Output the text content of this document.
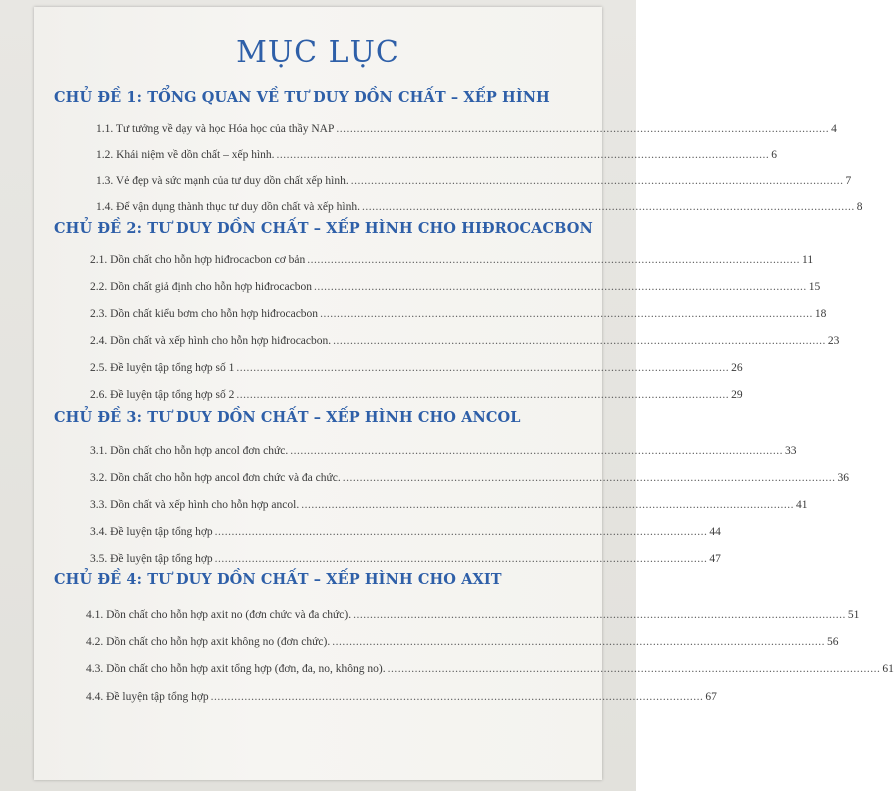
MỤC LỤC
CHỦ ĐỀ 1: TỔNG QUAN VỀ TƯ DUY DỒN CHẤT – XẾP HÌNH
1.1. Tư tưởng về dạy và học Hóa học của thầy NAP .................................................................................................................................................. 4
1.2. Khái niệm về dồn chất – xếp hình. .................................................................................................................................................. 6
1.3. Vẻ đẹp và sức mạnh của tư duy dồn chất xếp hình. .................................................................................................................................................. 7
1.4. Để vận dụng thành thục tư duy dồn chất và xếp hình. .................................................................................................................................................. 8
CHỦ ĐỀ 2: TƯ DUY DỒN CHẤT – XẾP HÌNH CHO HIĐROCACBON
2.1. Dồn chất cho hỗn hợp hiđrocacbon cơ bản .................................................................................................................................................. 11
2.2. Dồn chất giả định cho hỗn hợp hiđrocacbon .................................................................................................................................................. 15
2.3. Dồn chất kiểu bơm cho hỗn hợp hiđrocacbon .................................................................................................................................................. 18
2.4. Dồn chất và xếp hình cho hỗn hợp hiđrocacbon. .................................................................................................................................................. 23
2.5. Đề luyện tập tổng hợp số 1 .................................................................................................................................................. 26
2.6. Đề luyện tập tổng hợp số 2 .................................................................................................................................................. 29
CHỦ ĐỀ 3: TƯ DUY DỒN CHẤT – XẾP HÌNH CHO ANCOL
3.1. Dồn chất cho hỗn hợp ancol đơn chức. .................................................................................................................................................. 33
3.2. Dồn chất cho hỗn hợp ancol đơn chức và đa chức. .................................................................................................................................................. 36
3.3. Dồn chất và xếp hình cho hỗn hợp ancol. .................................................................................................................................................. 41
3.4. Đề luyện tập tổng hợp .................................................................................................................................................. 44
3.5. Đề luyện tập tổng hợp .................................................................................................................................................. 47
CHỦ ĐỀ 4: TƯ DUY DỒN CHẤT – XẾP HÌNH CHO AXIT
4.1. Dồn chất cho hỗn hợp axit no (đơn chức và đa chức). .................................................................................................................................................. 51
4.2. Dồn chất cho hỗn hợp axit không no (đơn chức). .................................................................................................................................................. 56
4.3. Dồn chất cho hỗn hợp axit tổng hợp (đơn, đa, no, không no). .................................................................................................................................................. 61
4.4. Đề luyện tập tổng hợp .................................................................................................................................................. 67
